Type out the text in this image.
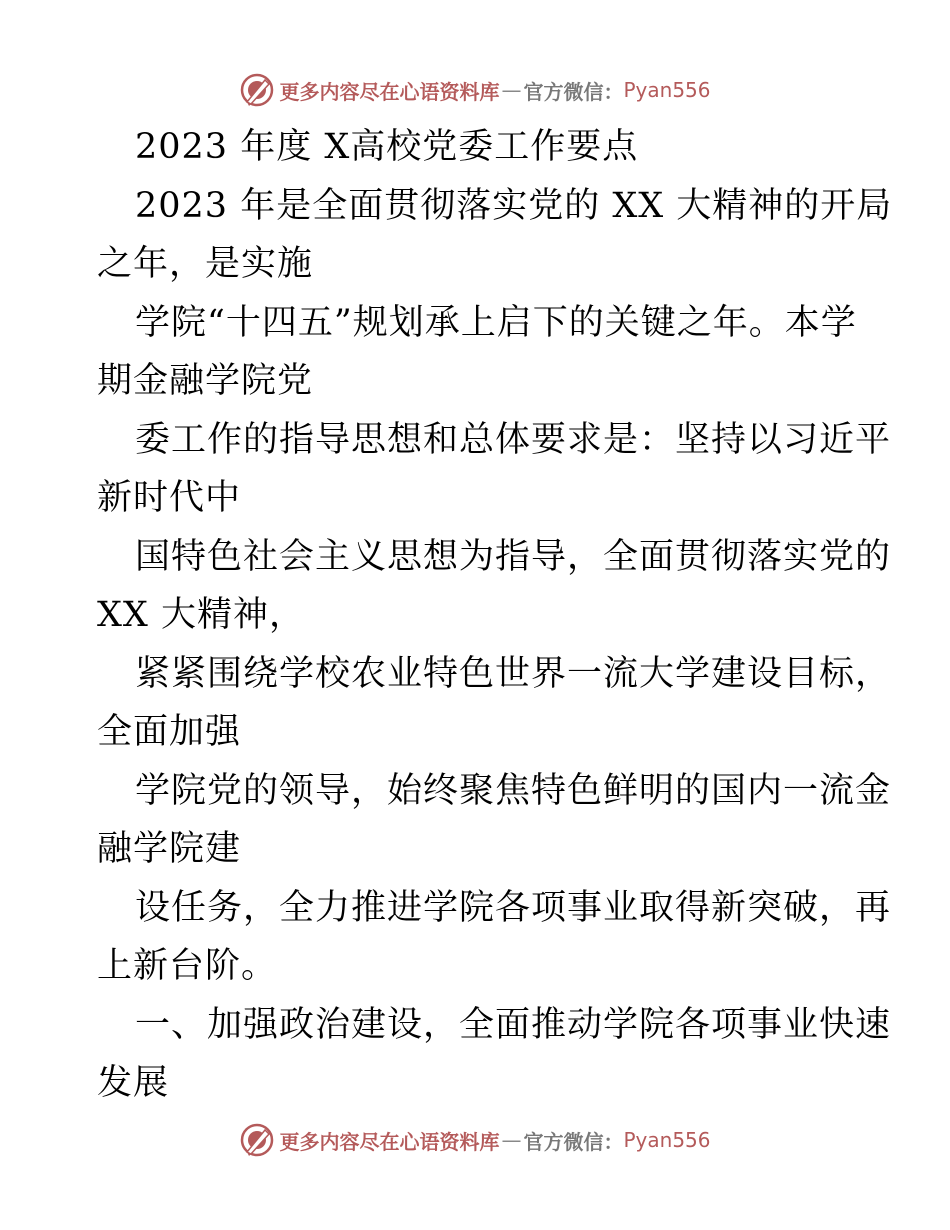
更多内容尽在心语资料库 — 官方微信： Pyan556
2023 年度 X高校党委工作要点
2023 年是全面贯彻落实党的 XX 大精神的开局
之年，是实施
学院“十四五”规划承上启下的关键之年。本学
期金融学院党
委工作的指导思想和总体要求是：坚持以习近平
新时代中
国特色社会主义思想为指导，全面贯彻落实党的
XX 大精神，
紧紧围绕学校农业特色世界一流大学建设目标，
全面加强
学院党的领导，始终聚焦特色鲜明的国内一流金
融学院建
设任务，全力推进学院各项事业取得新突破，再
上新台阶。
一、加强政治建设，全面推动学院各项事业快速
发展
更多内容尽在心语资料库 — 官方微信： Pyan556
